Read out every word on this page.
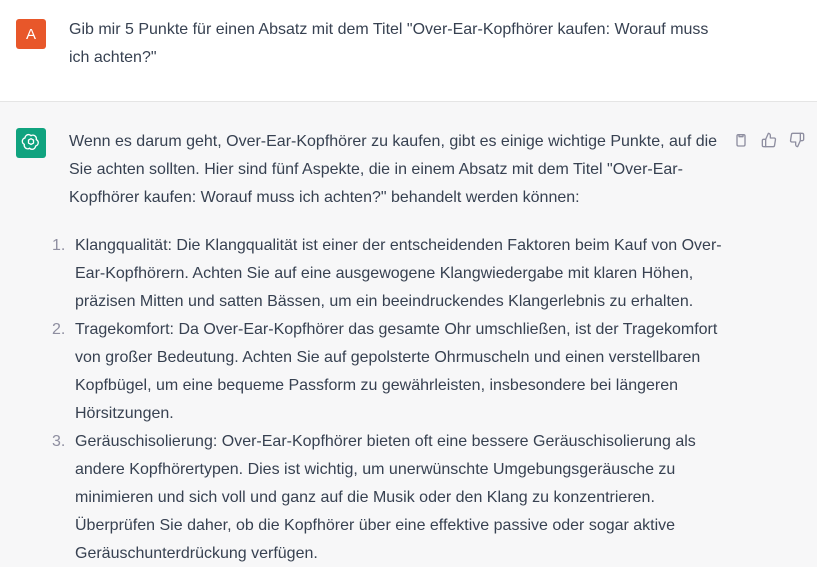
A Gib mir 5 Punkte für einen Absatz mit dem Titel "Over-Ear-Kopfhörer kaufen: Worauf muss ich achten?"

Wenn es darum geht, Over-Ear-Kopfhörer zu kaufen, gibt es einige wichtige Punkte, auf die Sie achten sollten. Hier sind fünf Aspekte, die in einem Absatz mit dem Titel "Over-Ear-Kopfhörer kaufen: Worauf muss ich achten?" behandelt werden können:

1. Klangqualität: Die Klangqualität ist einer der entscheidenden Faktoren beim Kauf von Over-Ear-Kopfhörern. Achten Sie auf eine ausgewogene Klangwiedergabe mit klaren Höhen, präzisen Mitten und satten Bässen, um ein beeindruckendes Klangerlebnis zu erhalten.
2. Tragekomfort: Da Over-Ear-Kopfhörer das gesamte Ohr umschließen, ist der Tragekomfort von großer Bedeutung. Achten Sie auf gepolsterte Ohrmuscheln und einen verstellbaren Kopfbügel, um eine bequeme Passform zu gewährleisten, insbesondere bei längeren Hörsitzungen.
3. Geräuschisolierung: Over-Ear-Kopfhörer bieten oft eine bessere Geräuschisolierung als andere Kopfhörertypen. Dies ist wichtig, um unerwünschte Umgebungsgeräusche zu minimieren und sich voll und ganz auf die Musik oder den Klang zu konzentrieren. Überprüfen Sie daher, ob die Kopfhörer über eine effektive passive oder sogar aktive Geräuschunterdrückung verfügen.
